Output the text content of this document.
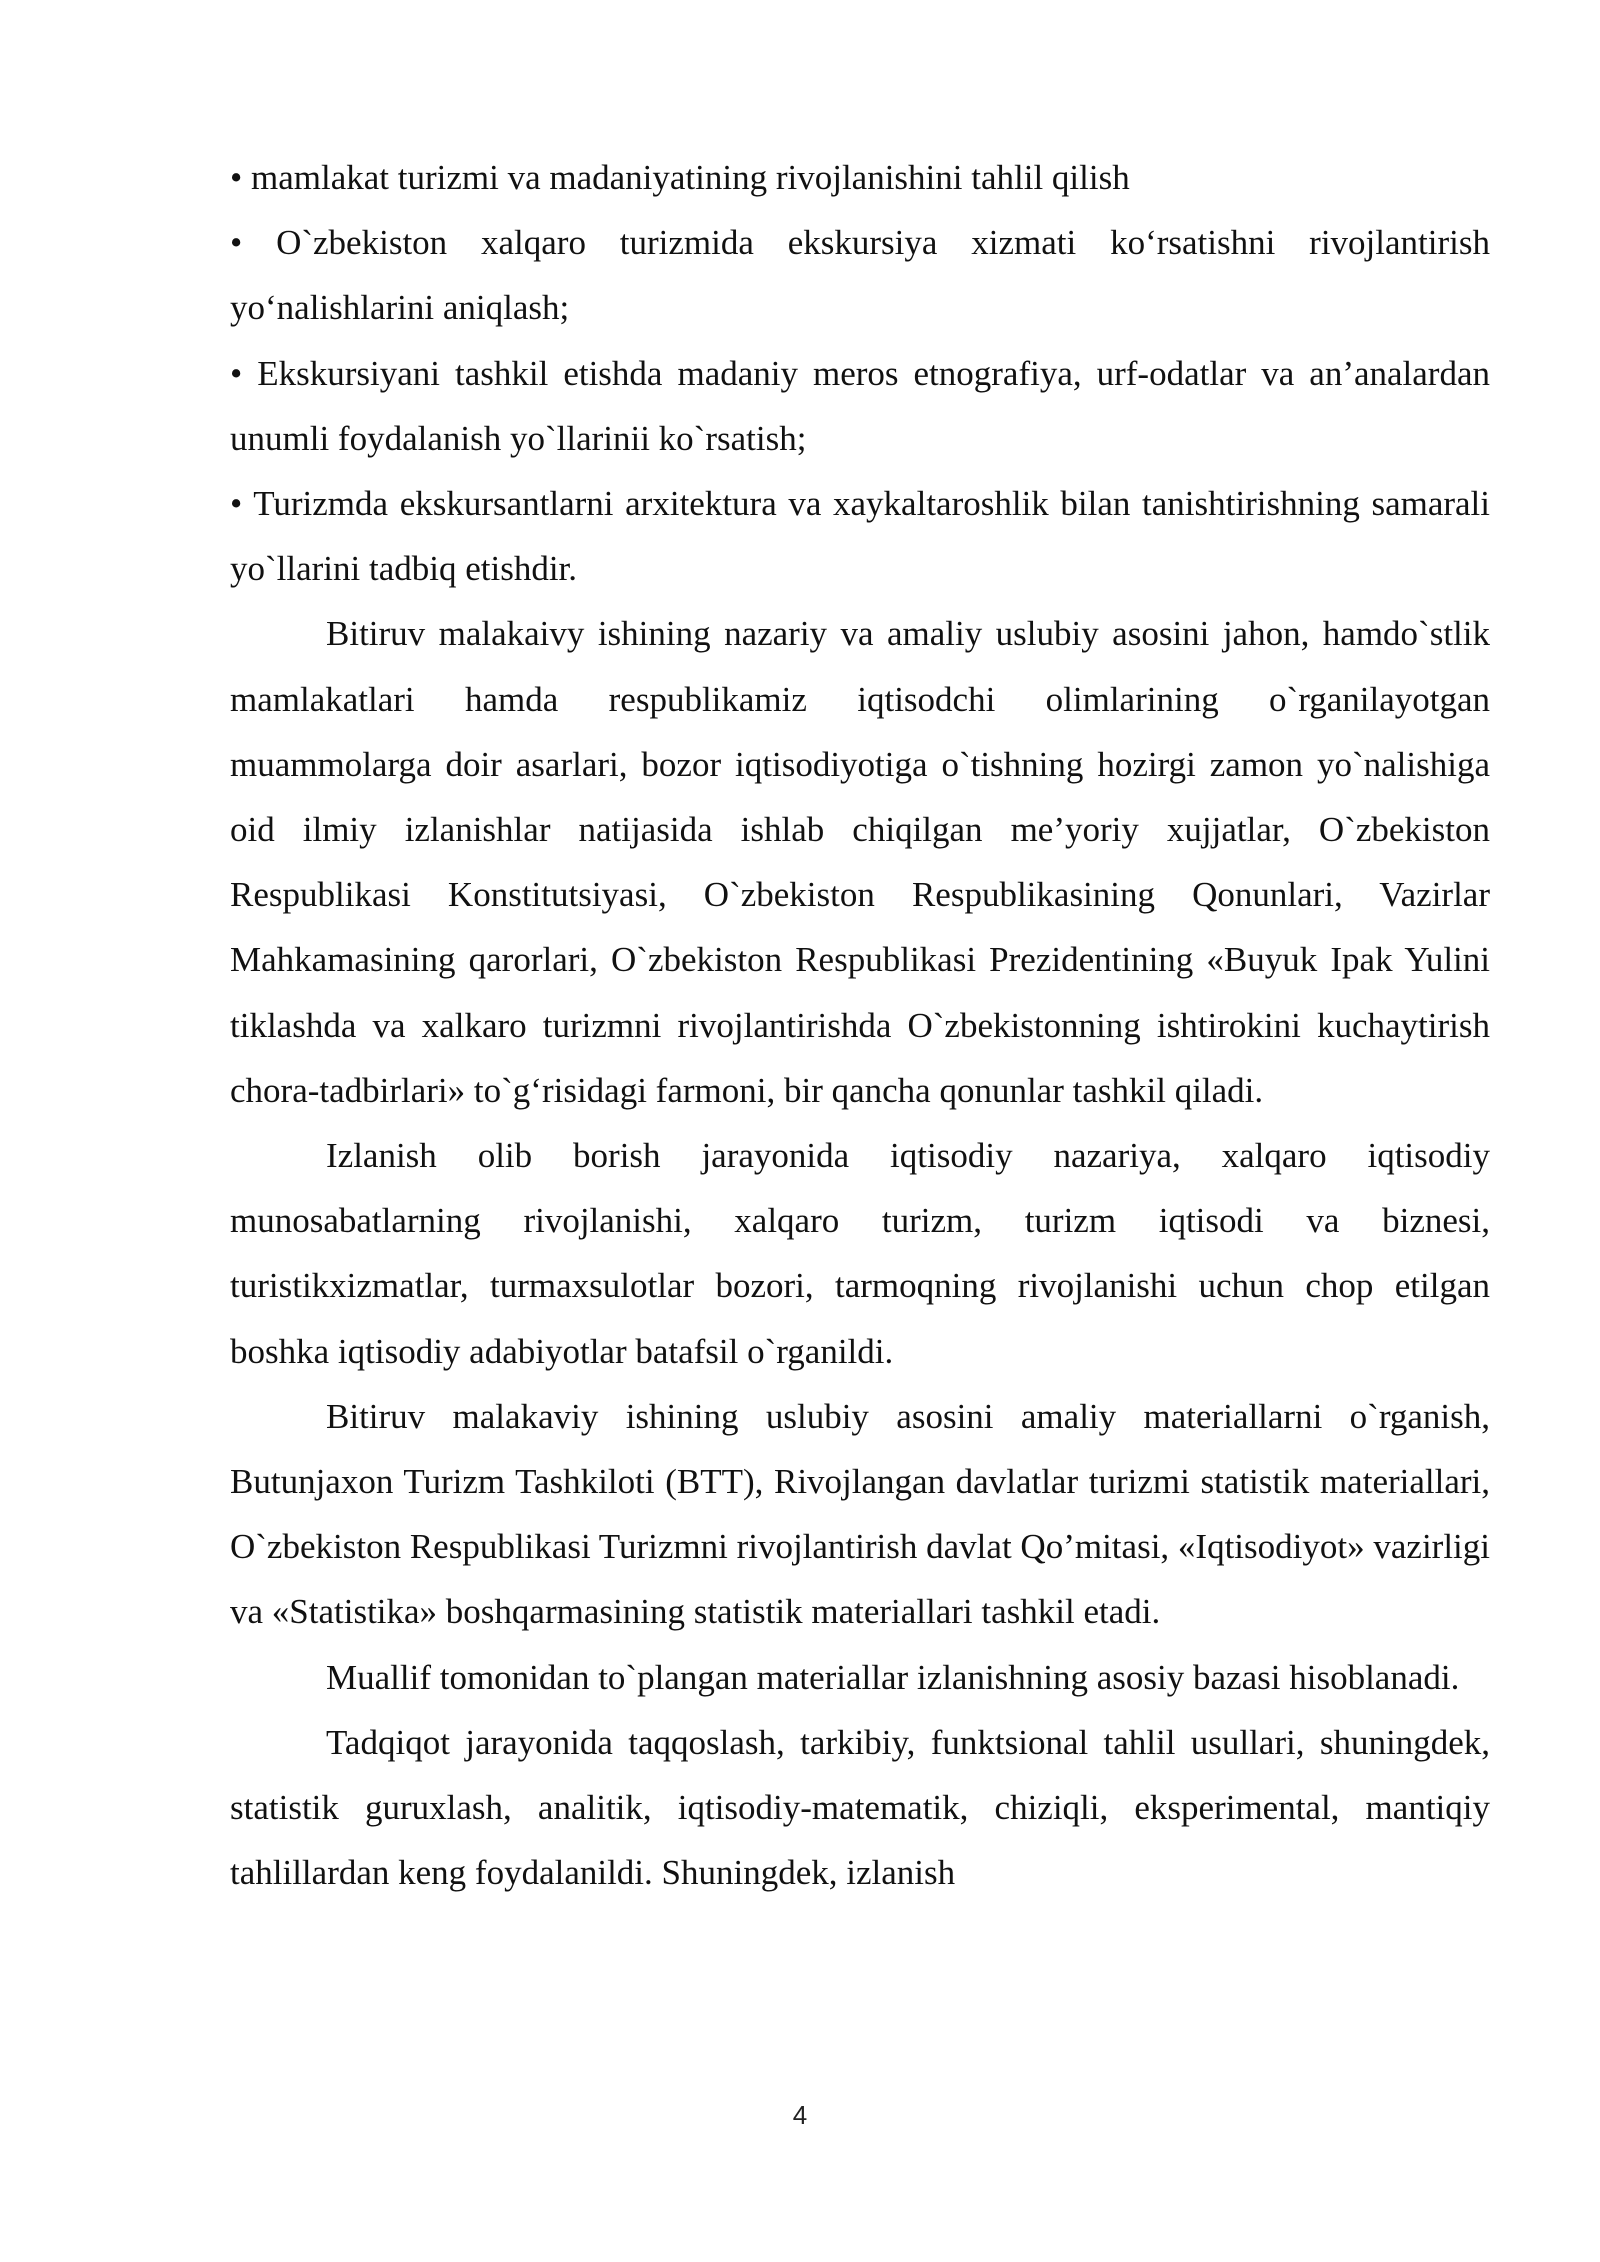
• mamlakat turizmi va madaniyatining rivojlanishini tahlil qilish

• O`zbekiston xalqaro turizmida ekskursiya xizmati ko‘rsatishni rivojlantirish yo‘nalishlarini aniqlash;

• Ekskursiyani tashkil etishda madaniy meros etnografiya, urf-odatlar va an’analardan unumli foydalanish yo`llarinii ko`rsatish;

• Turizmda ekskursantlarni arxitektura va xaykaltaroshlik bilan tanishtirishning samarali yo`llarini tadbiq etishdir.

Bitiruv malakaivy ishining nazariy va amaliy uslubiy asosini jahon, hamdo`stlik mamlakatlari hamda respublikamiz iqtisodchi olimlarining o`rganilayotgan muammolarga doir asarlari, bozor iqtisodiyotiga o`tishning hozirgi zamon yo`nalishiga oid ilmiy izlanishlar natijasida ishlab chiqilgan me’yoriy xujjatlar, O`zbekiston Respublikasi Konstitutsiyasi, O`zbekiston Respublikasining Qonunlari, Vazirlar Mahkamasining qarorlari, O`zbekiston Respublikasi Prezidentining «Buyuk Ipak Yulini tiklashda va xalkaro turizmni rivojlantirishda O`zbekistonning ishtirokini kuchaytirish chora-tadbirlari» to`g‘risidagi farmoni, bir qancha qonunlar tashkil qiladi.

Izlanish olib borish jarayonida iqtisodiy nazariya, xalqaro iqtisodiy munosabatlarning rivojlanishi, xalqaro turizm, turizm iqtisodi va biznesi, turistikxizmatlar, turmaxsulotlar bozori, tarmoqning rivojlanishi uchun chop etilgan boshka iqtisodiy adabiyotlar batafsil o`rganildi.

Bitiruv malakaviy ishining uslubiy asosini amaliy materiallarni o`rganish, Butunjaxon Turizm Tashkiloti (BTT), Rivojlangan davlatlar turizmi statistik materiallari, O`zbekiston Respublikasi Turizmni rivojlantirish davlat Qo’mitasi, «Iqtisodiyot» vazirligi va «Statistika» boshqarmasining statistik materiallari tashkil etadi.

Muallif tomonidan to`plangan materiallar izlanishning asosiy bazasi hisoblanadi.

Tadqiqot jarayonida taqqoslash, tarkibiy, funktsional tahlil usullari, shuningdek, statistik guruxlash, analitik, iqtisodiy-matematik, chiziqli, eksperimental, mantiqiy tahlillardan keng foydalanildi. Shuningdek, izlanish

4
